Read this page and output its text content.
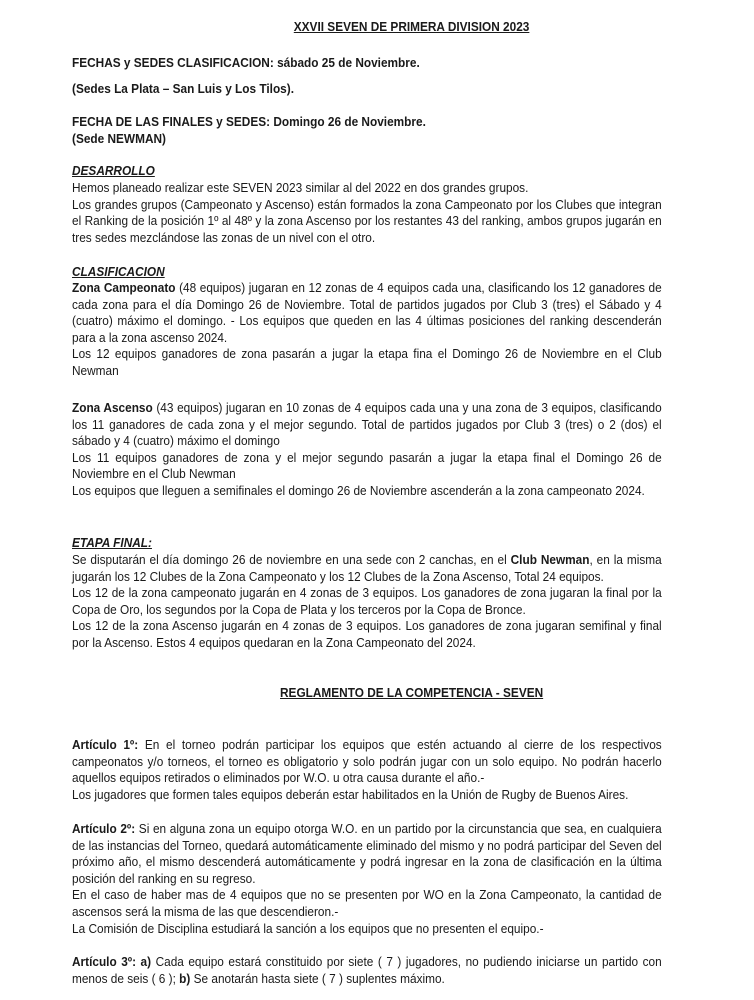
XXVII SEVEN DE PRIMERA DIVISION 2023
FECHAS y SEDES CLASIFICACION: sábado 25 de Noviembre.
(Sedes La Plata – San Luis y Los Tilos).
FECHA DE LAS FINALES y SEDES: Domingo 26 de Noviembre.
(Sede NEWMAN)
DESARROLLO
Hemos planeado realizar este SEVEN 2023 similar al del 2022 en dos grandes grupos.
Los grandes grupos (Campeonato y Ascenso) están formados la zona Campeonato por los Clubes que integran el Ranking de la posición 1º al 48º y la zona Ascenso por los restantes 43 del ranking, ambos grupos jugarán en tres sedes mezclándose las zonas de un nivel con el otro.
CLASIFICACION
Zona Campeonato (48 equipos) jugaran en 12 zonas de 4 equipos cada una, clasificando los 12 ganadores de cada zona para el día Domingo 26 de Noviembre. Total de partidos jugados por Club 3 (tres) el Sábado y 4 (cuatro) máximo el domingo. - Los equipos que queden en las 4 últimas posiciones del ranking descenderán para a la zona ascenso 2024.
Los 12 equipos ganadores de zona pasarán a jugar la etapa fina el Domingo 26 de Noviembre en el Club Newman
Zona Ascenso (43 equipos) jugaran en 10 zonas de 4 equipos cada una y una zona de 3 equipos, clasificando los 11 ganadores de cada zona y el mejor segundo. Total de partidos jugados por Club 3 (tres) o 2 (dos) el sábado y 4 (cuatro) máximo el domingo
Los 11 equipos ganadores de zona y el mejor segundo pasarán a jugar la etapa final el Domingo 26 de Noviembre en el Club Newman
Los equipos que lleguen a semifinales el domingo 26 de Noviembre ascenderán a la zona campeonato 2024.
ETAPA FINAL:
Se disputarán el día domingo 26 de noviembre en una sede con 2 canchas, en el Club Newman, en la misma jugarán los 12 Clubes de la Zona Campeonato y los 12 Clubes de la Zona Ascenso, Total 24 equipos.
Los 12 de la zona campeonato jugarán en 4 zonas de 3 equipos. Los ganadores de zona jugaran la final por la Copa de Oro, los segundos por la Copa de Plata y los terceros por la Copa de Bronce.
Los 12 de la zona Ascenso jugarán en 4 zonas de 3 equipos. Los ganadores de zona jugaran semifinal y final por la Ascenso. Estos 4 equipos quedaran en la Zona Campeonato del 2024.
REGLAMENTO DE LA COMPETENCIA - SEVEN
Artículo 1º: En el torneo podrán participar los equipos que estén actuando al cierre de los respectivos campeonatos y/o torneos, el torneo es obligatorio y solo podrán jugar con un solo equipo. No podrán hacerlo aquellos equipos retirados o eliminados por W.O. u otra causa durante el año.-
Los jugadores que formen tales equipos deberán estar habilitados en la Unión de Rugby de Buenos Aires.
Artículo 2º: Si en alguna zona un equipo otorga W.O. en un partido por la circunstancia que sea, en cualquiera de las instancias del Torneo, quedará automáticamente eliminado del mismo y no podrá participar del Seven del próximo año, el mismo descenderá automáticamente y podrá ingresar en la zona de clasificación en la última posición del ranking en su regreso.
En el caso de haber mas de 4 equipos que no se presenten por WO en la Zona Campeonato, la cantidad de ascensos será la misma de las que descendieron.-
La Comisión de Disciplina estudiará la sanción a los equipos que no presenten el equipo.-
Artículo 3º: a) Cada equipo estará constituido por siete ( 7 ) jugadores, no pudiendo iniciarse un partido con menos de seis ( 6 ); b) Se anotarán hasta siete ( 7 ) suplentes máximo.
